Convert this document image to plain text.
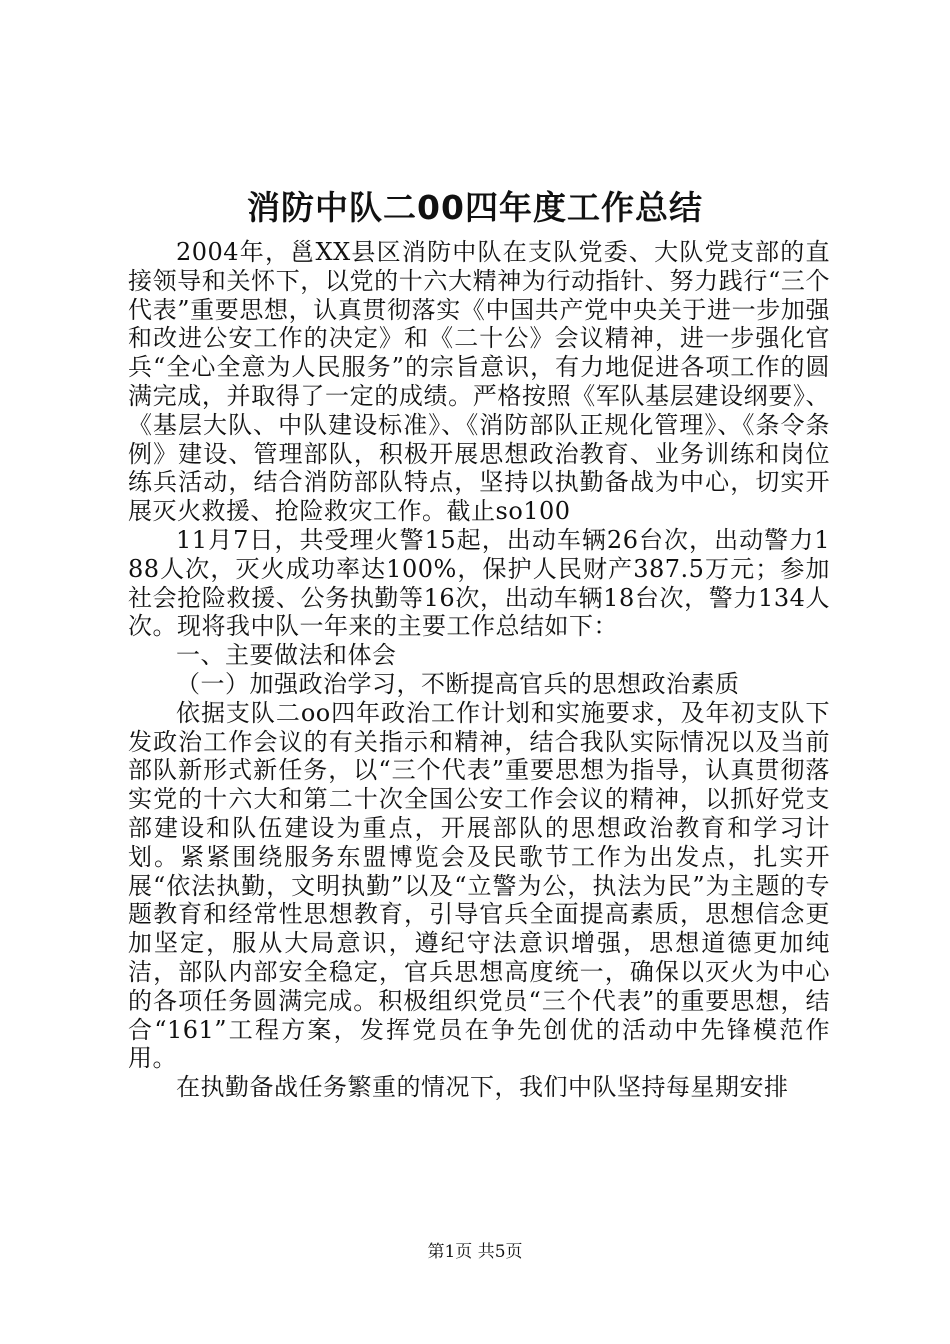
消防中队二00四年度工作总结

2004年，邕XX县区消防中队在支队党委、大队党支部的直接领导和关怀下，以党的十六大精神为行动指针、努力践行“三个代表”重要思想，认真贯彻落实《中国共产党中央关于进一步加强和改进公安工作的决定》和《二十公》会议精神，进一步强化官兵“全心全意为人民服务”的宗旨意识，有力地促进各项工作的圆满完成，并取得了一定的成绩。严格按照《军队基层建设纲要》、《基层大队、中队建设标准》、《消防部队正规化管理》、《条令条例》建设、管理部队，积极开展思想政治教育、业务训练和岗位练兵活动，结合消防部队特点，坚持以执勤备战为中心，切实开展灭火救援、抢险救灾工作。截止so100

11月7日，共受理火警15起，出动车辆26台次，出动警力188人次，灭火成功率达100%，保护人民财产387.5万元；参加社会抢险救援、公务执勤等16次，出动车辆18台次，警力134人次。现将我中队一年来的主要工作总结如下：

一、主要做法和体会

（一）加强政治学习，不断提高官兵的思想政治素质

依据支队二oo四年政治工作计划和实施要求，及年初支队下发政治工作会议的有关指示和精神，结合我队实际情况以及当前部队新形式新任务，以“三个代表”重要思想为指导，认真贯彻落实党的十六大和第二十次全国公安工作会议的精神，以抓好党支部建设和队伍建设为重点，开展部队的思想政治教育和学习计划。紧紧围绕服务东盟博览会及民歌节工作为出发点，扎实开展“依法执勤，文明执勤”以及“立警为公，执法为民”为主题的专题教育和经常性思想教育，引导官兵全面提高素质，思想信念更加坚定，服从大局意识，遵纪守法意识增强，思想道德更加纯洁，部队内部安全稳定，官兵思想高度统一，确保以灭火为中心的各项任务圆满完成。积极组织党员“三个代表”的重要思想，结合“161”工程方案，发挥党员在争先创优的活动中先锋模范作用。

在执勤备战任务繁重的情况下，我们中队坚持每星期安排

第1页 共5页
